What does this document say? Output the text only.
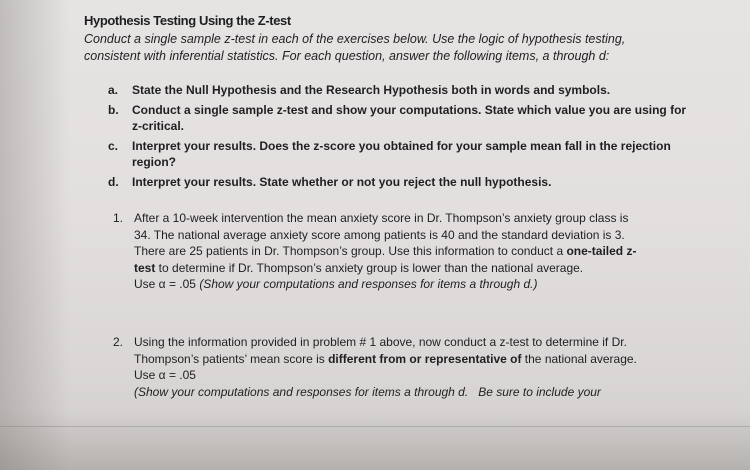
Hypothesis Testing Using the Z-test
Conduct a single sample z-test in each of the exercises below. Use the logic of hypothesis testing,
consistent with inferential statistics. For each question, answer the following items, a through d:
a.	State the Null Hypothesis and the Research Hypothesis both in words and symbols.
b.	Conduct a single sample z-test and show your computations. State which value you are using for z-critical.
c.	Interpret your results. Does the z-score you obtained for your sample mean fall in the rejection region?
d.	Interpret your results. State whether or not you reject the null hypothesis.
1. After a 10-week intervention the mean anxiety score in Dr. Thompson’s anxiety group class is
34. The national average anxiety score among patients is 40 and the standard deviation is 3.
There are 25 patients in Dr. Thompson’s group. Use this information to conduct a one-tailed z-
test to determine if Dr. Thompson’s anxiety group is lower than the national average.
Use α = .05 (Show your computations and responses for items a through d.)
2. Using the information provided in problem # 1 above, now conduct a z-test to determine if Dr.
Thompson’s patients’ mean score is different from or representative of the national average.
Use α = .05
(Show your computations and responses for items a through d.   Be sure to include your
